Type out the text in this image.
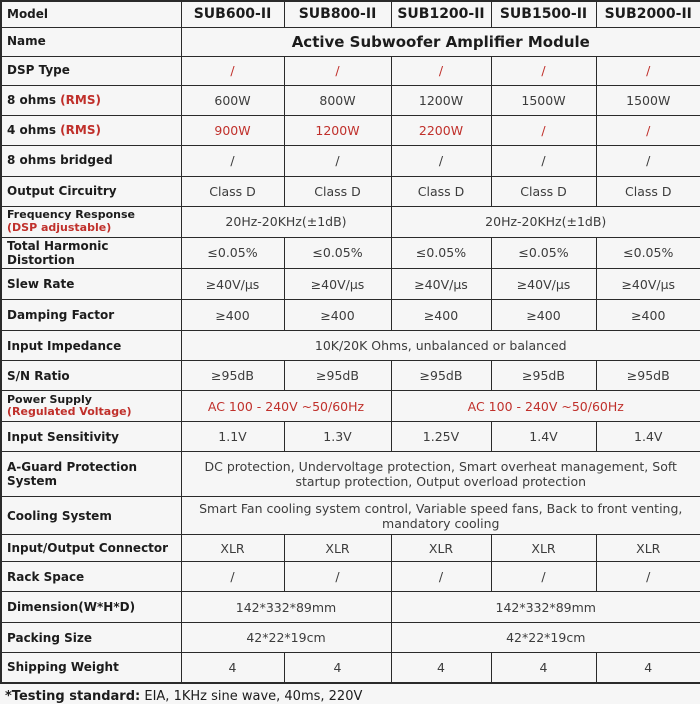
Model	SUB600-II	SUB800-II	SUB1200-II	SUB1500-II	SUB2000-II
Name	Active Subwoofer Amplifier Module				
DSP Type	/	/	/	/	/
8 ohms (RMS)	600W	800W	1200W	1500W	1500W
4 ohms (RMS)	900W	1200W	2200W	/	/
8 ohms bridged	/	/	/	/	/
Output Circuitry	Class D	Class D	Class D	Class D	Class D

Frequency Response
(DSP adjustable)	20Hz-20KHz(±1dB)		20Hz-20KHz(±1dB)		
Total Harmonic Distortion	≤0.05%	≤0.05%	≤0.05%	≤0.05%	≤0.05%
Slew Rate	≥40V/μs	≥40V/μs	≥40V/μs	≥40V/μs	≥40V/μs
Damping Factor	≥400	≥400	≥400	≥400	≥400
Input Impedance	10K/20K Ohms, unbalanced or balanced				
S/N Ratio	≥95dB	≥95dB	≥95dB	≥95dB	≥95dB

Power Supply
(Regulated Voltage)	AC 100 - 240V ~50/60Hz		AC 100 - 240V ~50/60Hz		
Input Sensitivity	1.1V	1.3V	1.25V	1.4V	1.4V
A-Guard Protection System	DC protection, Undervoltage protection, Smart overheat management, Soft startup protection, Output overload protection				
Cooling System	Smart Fan cooling system control, Variable speed fans, Back to front venting, mandatory cooling				
Input/Output Connector	XLR	XLR	XLR	XLR	XLR
Rack Space	/	/	/	/	/
Dimension(W*H*D)	142*332*89mm		142*332*89mm		
Packing Size	42*22*19cm		42*22*19cm		
Shipping Weight	4	4	4	4	4
*Testing standard: EIA, 1KHz sine wave, 40ms, 220V
